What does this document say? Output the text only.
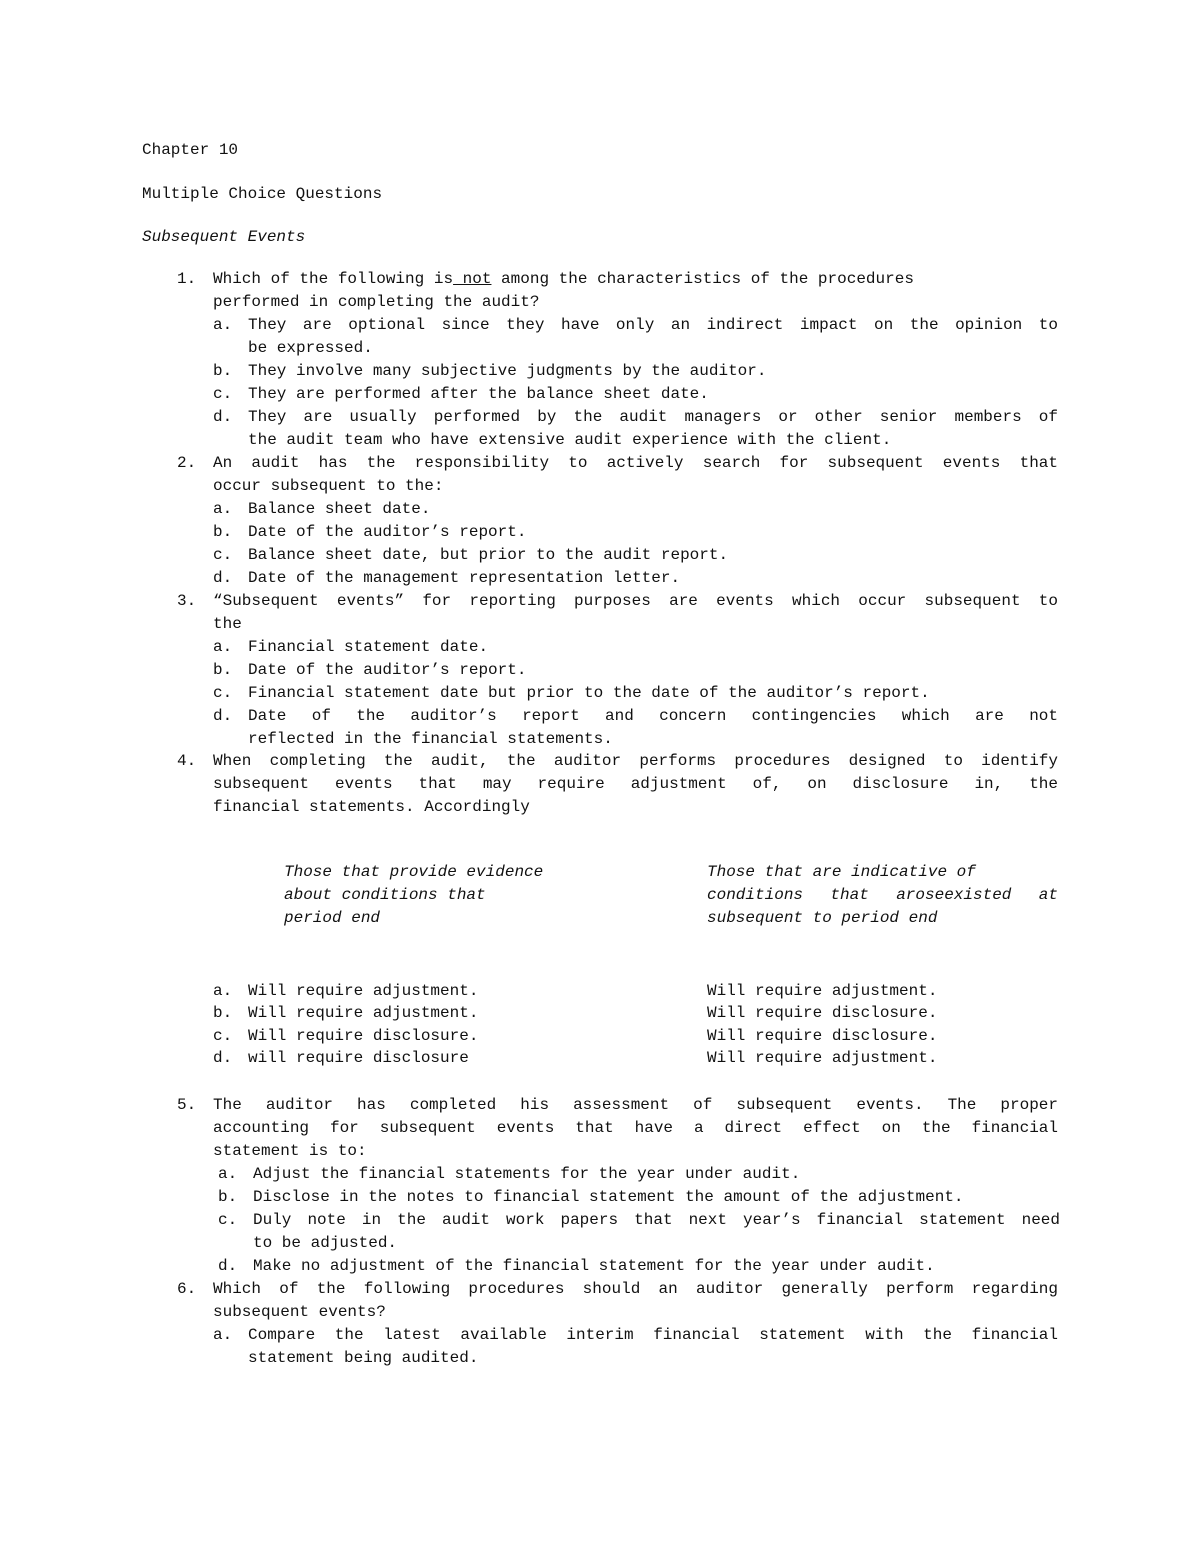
Chapter 10
Multiple Choice Questions
Subsequent Events
1. Which of the following is not among the characteristics of the procedures
performed in completing the audit?
a. They are optional since they have only an indirect impact on the opinion to
be expressed.
b. They involve many subjective judgments by the auditor.
c. They are performed after the balance sheet date.
d. They are usually performed by the audit managers or other senior members of
the audit team who have extensive audit experience with the client.
2. An audit has the responsibility to actively search for subsequent events that
occur subsequent to the:
a. Balance sheet date.
b. Date of the auditor’s report.
c. Balance sheet date, but prior to the audit report.
d. Date of the management representation letter.
3. “Subsequent events” for reporting purposes are events which occur subsequent to
the
a. Financial statement date.
b. Date of the auditor’s report.
c. Financial statement date but prior to the date of the auditor’s report.
d. Date of the auditor’s report and concern contingencies which are not
reflected in the financial statements.
4. When completing the audit, the auditor performs procedures designed to identify
subsequent events that may require adjustment of, on disclosure in, the
financial statements. Accordingly
Those that provide evidence
about conditions that
period end
Those that are indicative of
conditions that aroseexisted at
subsequent to period end
a. Will require adjustment.	Will require adjustment.
b. Will require adjustment.	Will require disclosure.
c. Will require disclosure.	Will require disclosure.
d. will require disclosure	Will require adjustment.
5. The auditor has completed his assessment of subsequent events. The proper
accounting for subsequent events that have a direct effect on the financial
statement is to:
a. Adjust the financial statements for the year under audit.
b. Disclose in the notes to financial statement the amount of the adjustment.
c. Duly note in the audit work papers that next year’s financial statement need
to be adjusted.
d. Make no adjustment of the financial statement for the year under audit.
6. Which of the following procedures should an auditor generally perform regarding
subsequent events?
a. Compare the latest available interim financial statement with the financial
statement being audited.
